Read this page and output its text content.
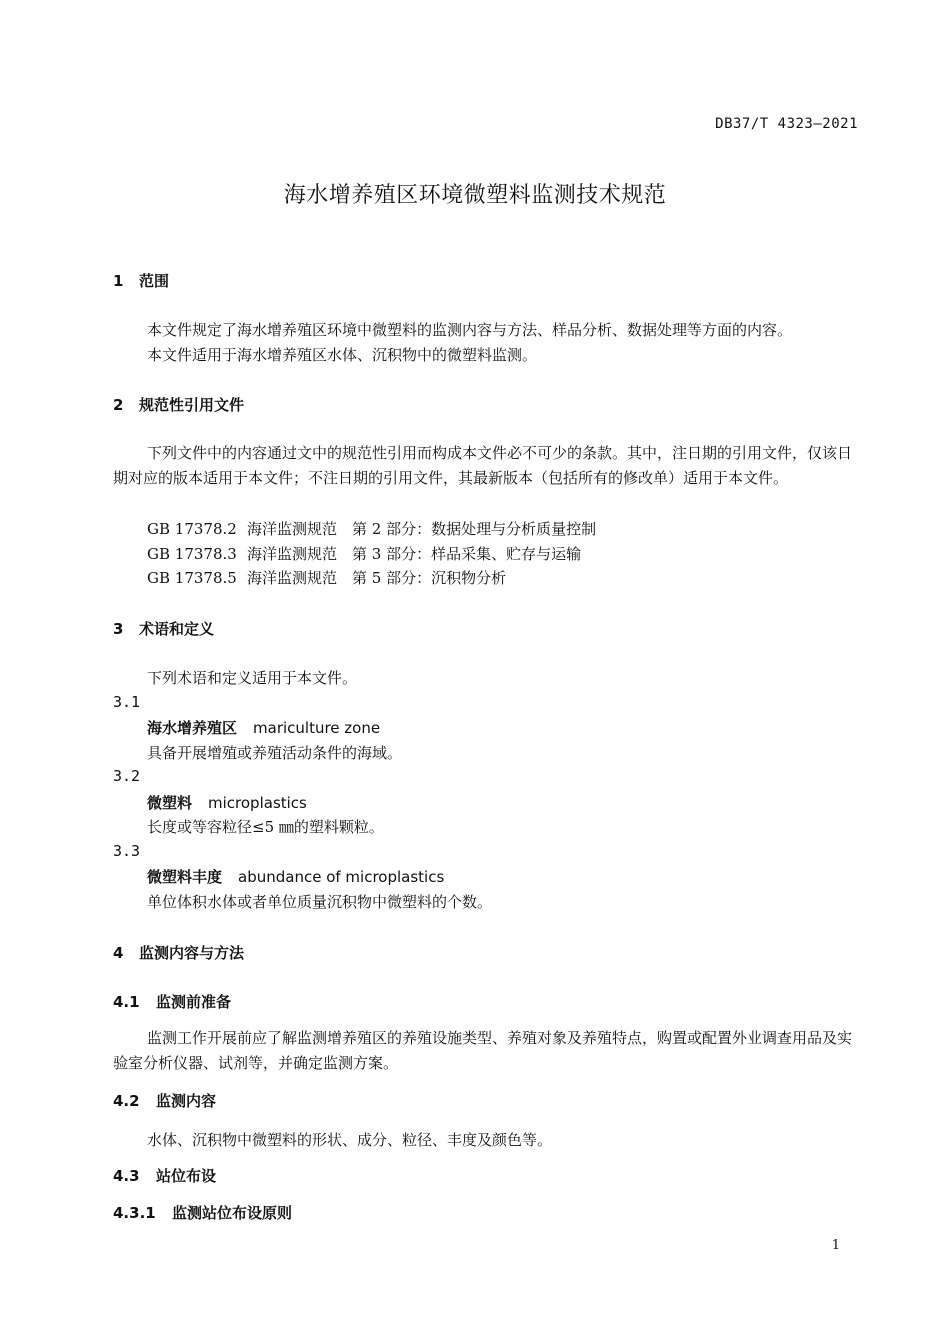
DB37/T 4323—2021
海水增养殖区环境微塑料监测技术规范
1 范围
本文件规定了海水增养殖区环境中微塑料的监测内容与方法、样品分析、数据处理等方面的内容。
本文件适用于海水增养殖区水体、沉积物中的微塑料监测。
2 规范性引用文件
下列文件中的内容通过文中的规范性引用而构成本文件必不可少的条款。其中，注日期的引用文件，仅该日期对应的版本适用于本文件；不注日期的引用文件，其最新版本（包括所有的修改单）适用于本文件。
GB 17378.2 海洋监测规范 第 2 部分：数据处理与分析质量控制
GB 17378.3 海洋监测规范 第 3 部分：样品采集、贮存与运输
GB 17378.5 海洋监测规范 第 5 部分：沉积物分析
3 术语和定义
下列术语和定义适用于本文件。
3.1
海水增养殖区 mariculture zone
具备开展增殖或养殖活动条件的海域。
3.2
微塑料 microplastics
长度或等容粒径≤5 ㎜的塑料颗粒。
3.3
微塑料丰度 abundance of microplastics
单位体积水体或者单位质量沉积物中微塑料的个数。
4 监测内容与方法
4.1 监测前准备
监测工作开展前应了解监测增养殖区的养殖设施类型、养殖对象及养殖特点，购置或配置外业调查用品及实验室分析仪器、试剂等，并确定监测方案。
4.2 监测内容
水体、沉积物中微塑料的形状、成分、粒径、丰度及颜色等。
4.3 站位布设
4.3.1 监测站位布设原则
1
